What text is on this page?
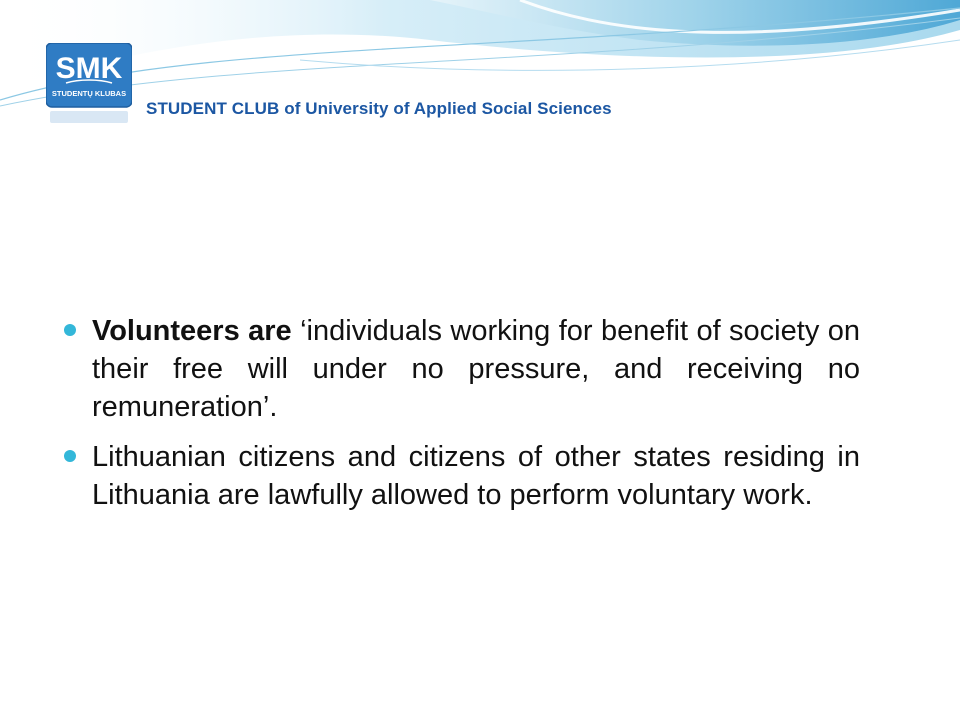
SMK
STUDENTŲ KLUBAS
STUDENT CLUB of University of Applied Social Sciences
Volunteers are ‘individuals working for benefit of society on their free will under no pressure, and receiving no remuneration’.
Lithuanian citizens and citizens of other states residing in Lithuania are lawfully allowed to perform voluntary work.
